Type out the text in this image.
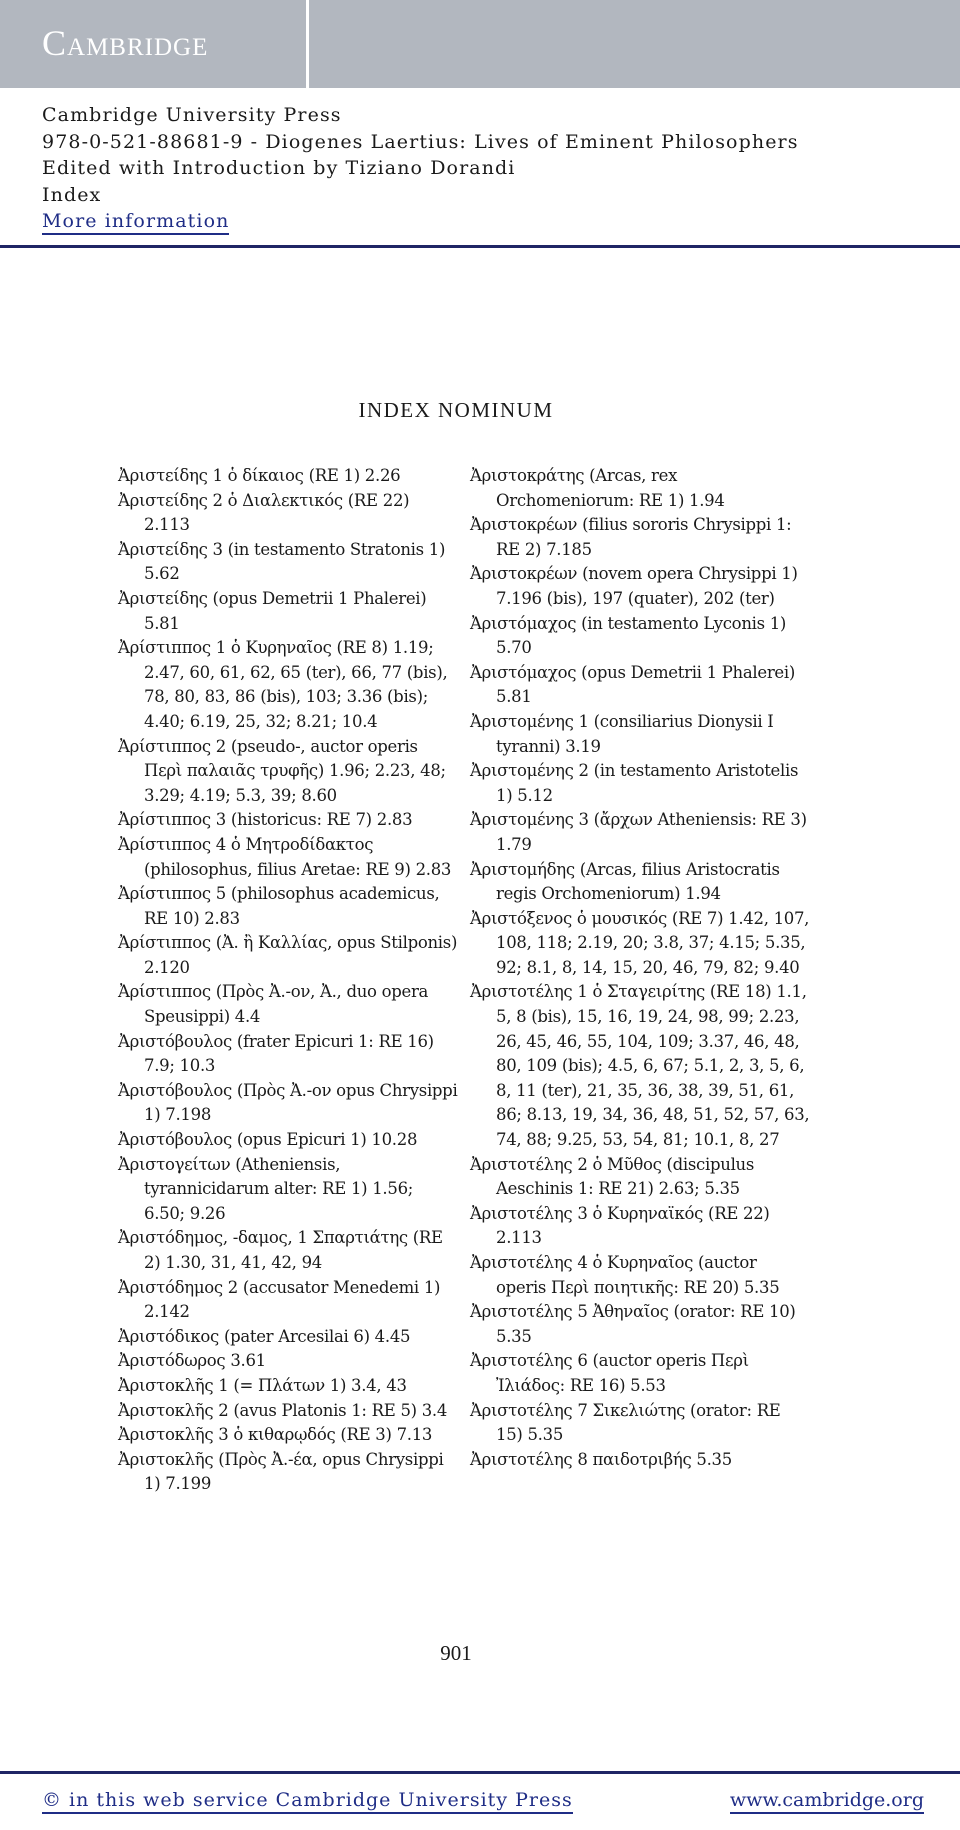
Cambridge
Cambridge University Press
978-0-521-88681-9 - Diogenes Laertius: Lives of Eminent Philosophers
Edited with Introduction by Tiziano Dorandi
Index
More information
INDEX NOMINUM
Ἀριστείδης 1 ὁ δίκαιος (RE 1) 2.26
Ἀριστείδης 2 ὁ Διαλεκτικός (RE 22) 2.113
Ἀριστείδης 3 (in testamento Stratonis 1) 5.62
Ἀριστείδης (opus Demetrii 1 Phalerei) 5.81
Ἀρίστιππος 1 ὁ Κυρηναῖος (RE 8) 1.19; 2.47, 60, 61, 62, 65 (ter), 66, 77 (bis), 78, 80, 83, 86 (bis), 103; 3.36 (bis); 4.40; 6.19, 25, 32; 8.21; 10.4
Ἀρίστιππος 2 (pseudo-, auctor operis Περὶ παλαιᾶς τρυφῆς) 1.96; 2.23, 48; 3.29; 4.19; 5.3, 39; 8.60
Ἀρίστιππος 3 (historicus: RE 7) 2.83
Ἀρίστιππος 4 ὁ Μητροδίδακτος (philosophus, filius Aretae: RE 9) 2.83
Ἀρίστιππος 5 (philosophus academicus, RE 10) 2.83
Ἀρίστιππος (Ἀ. ἢ Καλλίας, opus Stilponis) 2.120
Ἀρίστιππος (Πρὸς Ἀ.-ον, Ἀ., duo opera Speusippi) 4.4
Ἀριστόβουλος (frater Epicuri 1: RE 16) 7.9; 10.3
Ἀριστόβουλος (Πρὸς Ἀ.-ον opus Chrysippi 1) 7.198
Ἀριστόβουλος (opus Epicuri 1) 10.28
Ἀριστογείτων (Atheniensis, tyrannicidarum alter: RE 1) 1.56; 6.50; 9.26
Ἀριστόδημος, -δαμος, 1 Σπαρτιάτης (RE 2) 1.30, 31, 41, 42, 94
Ἀριστόδημος 2 (accusator Menedemi 1) 2.142
Ἀριστόδικος (pater Arcesilai 6) 4.45
Ἀριστόδωρος 3.61
Ἀριστοκλῆς 1 (= Πλάτων 1) 3.4, 43
Ἀριστοκλῆς 2 (avus Platonis 1: RE 5) 3.4
Ἀριστοκλῆς 3 ὁ κιθαρῳδός (RE 3) 7.13
Ἀριστοκλῆς (Πρὸς Ἀ.-έα, opus Chrysippi 1) 7.199
Ἀριστοκράτης (Arcas, rex Orchomeniorum: RE 1) 1.94
Ἀριστοκρέων (filius sororis Chrysippi 1: RE 2) 7.185
Ἀριστοκρέων (novem opera Chrysippi 1) 7.196 (bis), 197 (quater), 202 (ter)
Ἀριστόμαχος (in testamento Lyconis 1) 5.70
Ἀριστόμαχος (opus Demetrii 1 Phalerei) 5.81
Ἀριστομένης 1 (consiliarius Dionysii I tyranni) 3.19
Ἀριστομένης 2 (in testamento Aristotelis 1) 5.12
Ἀριστομένης 3 (ἄρχων Atheniensis: RE 3) 1.79
Ἀριστομήδης (Arcas, filius Aristocratis regis Orchomeniorum) 1.94
Ἀριστόξενος ὁ μουσικός (RE 7) 1.42, 107, 108, 118; 2.19, 20; 3.8, 37; 4.15; 5.35, 92; 8.1, 8, 14, 15, 20, 46, 79, 82; 9.40
Ἀριστοτέλης 1 ὁ Σταγειρίτης (RE 18) 1.1, 5, 8 (bis), 15, 16, 19, 24, 98, 99; 2.23, 26, 45, 46, 55, 104, 109; 3.37, 46, 48, 80, 109 (bis); 4.5, 6, 67; 5.1, 2, 3, 5, 6, 8, 11 (ter), 21, 35, 36, 38, 39, 51, 61, 86; 8.13, 19, 34, 36, 48, 51, 52, 57, 63, 74, 88; 9.25, 53, 54, 81; 10.1, 8, 27
Ἀριστοτέλης 2 ὁ Μῦθος (discipulus Aeschinis 1: RE 21) 2.63; 5.35
Ἀριστοτέλης 3 ὁ Κυρηναϊκός (RE 22) 2.113
Ἀριστοτέλης 4 ὁ Κυρηναῖος (auctor operis Περὶ ποιητικῆς: RE 20) 5.35
Ἀριστοτέλης 5 Ἀθηναῖος (orator: RE 10) 5.35
Ἀριστοτέλης 6 (auctor operis Περὶ Ἰλιάδος: RE 16) 5.53
Ἀριστοτέλης 7 Σικελιώτης (orator: RE 15) 5.35
Ἀριστοτέλης 8 παιδοτριβής 5.35
901
© in this web service Cambridge University Press	www.cambridge.org
